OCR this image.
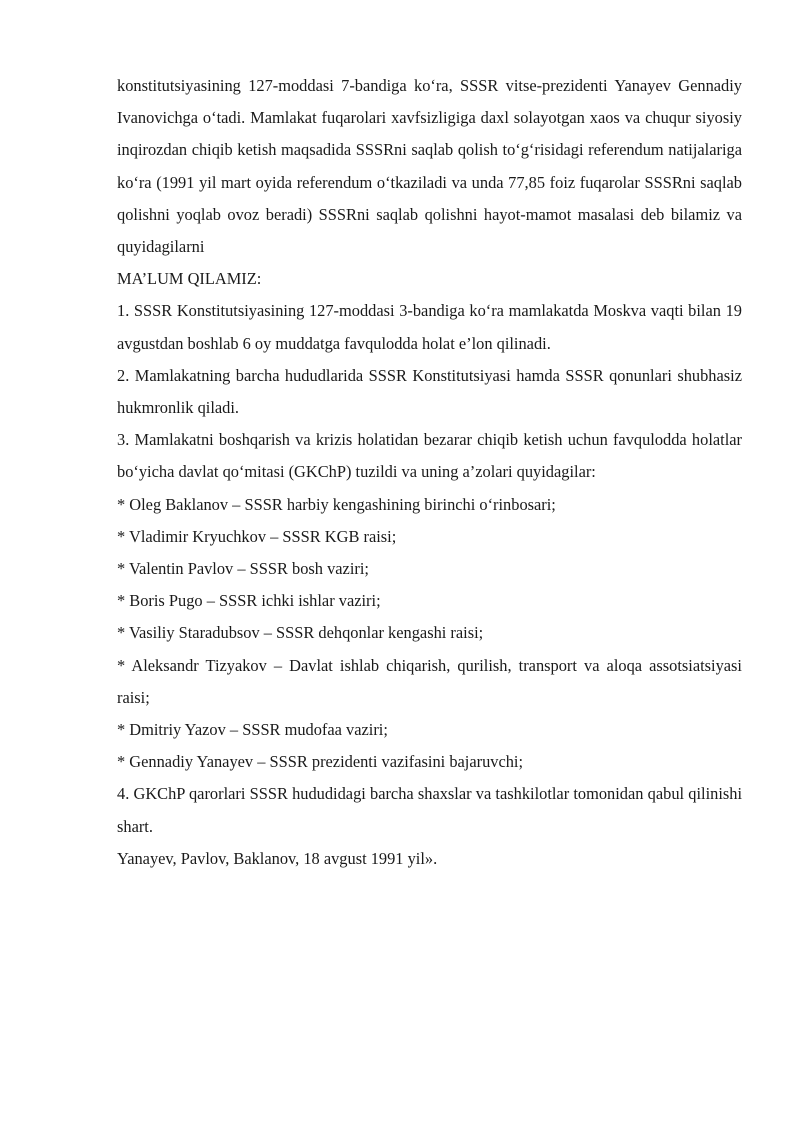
konstitutsiyasining 127-moddasi 7-bandiga ko‘ra, SSSR vitse-prezidenti Yanayev Gennadiy Ivanovichga o‘tadi. Mamlakat fuqarolari xavfsizligiga daxl solayotgan xaos va chuqur siyosiy inqirozdan chiqib ketish maqsadida SSSRni saqlab qolish to‘g‘risidagi referendum natijalariga ko‘ra (1991 yil mart oyida referendum o‘tkaziladi va unda 77,85 foiz fuqarolar SSSRni saqlab qolishni yoqlab ovoz beradi) SSSRni saqlab qolishni hayot-mamot masalasi deb bilamiz va quyidagilarni

MA’LUM QILAMIZ:

1. SSSR Konstitutsiyasining 127-moddasi 3-bandiga ko‘ra mamlakatda Moskva vaqti bilan 19 avgustdan boshlab 6 oy muddatga favqulodda holat e’lon qilinadi.

2. Mamlakatning barcha hududlarida SSSR Konstitutsiyasi hamda SSSR qonunlari shubhasiz hukmronlik qiladi.

3. Mamlakatni boshqarish va krizis holatidan bezarar chiqib ketish uchun favqulodda holatlar bo‘yicha davlat qo‘mitasi (GKChP) tuzildi va uning a’zolari quyidagilar:

* Oleg Baklanov – SSSR harbiy kengashining birinchi o‘rinbosari;

* Vladimir Kryuchkov – SSSR KGB raisi;

* Valentin Pavlov – SSSR bosh vaziri;

* Boris Pugo – SSSR ichki ishlar vaziri;

* Vasiliy Staradubsov – SSSR dehqonlar kengashi raisi;

* Aleksandr Tizyakov – Davlat ishlab chiqarish, qurilish, transport va aloqa assotsiatsiyasi raisi;

* Dmitriy Yazov – SSSR mudofaa vaziri;

* Gennadiy Yanayev – SSSR prezidenti vazifasini bajaruvchi;

4. GKChP qarorlari SSSR hududidagi barcha shaxslar va tashkilotlar tomonidan qabul qilinishi shart.

Yanayev, Pavlov, Baklanov, 18 avgust 1991 yil».
